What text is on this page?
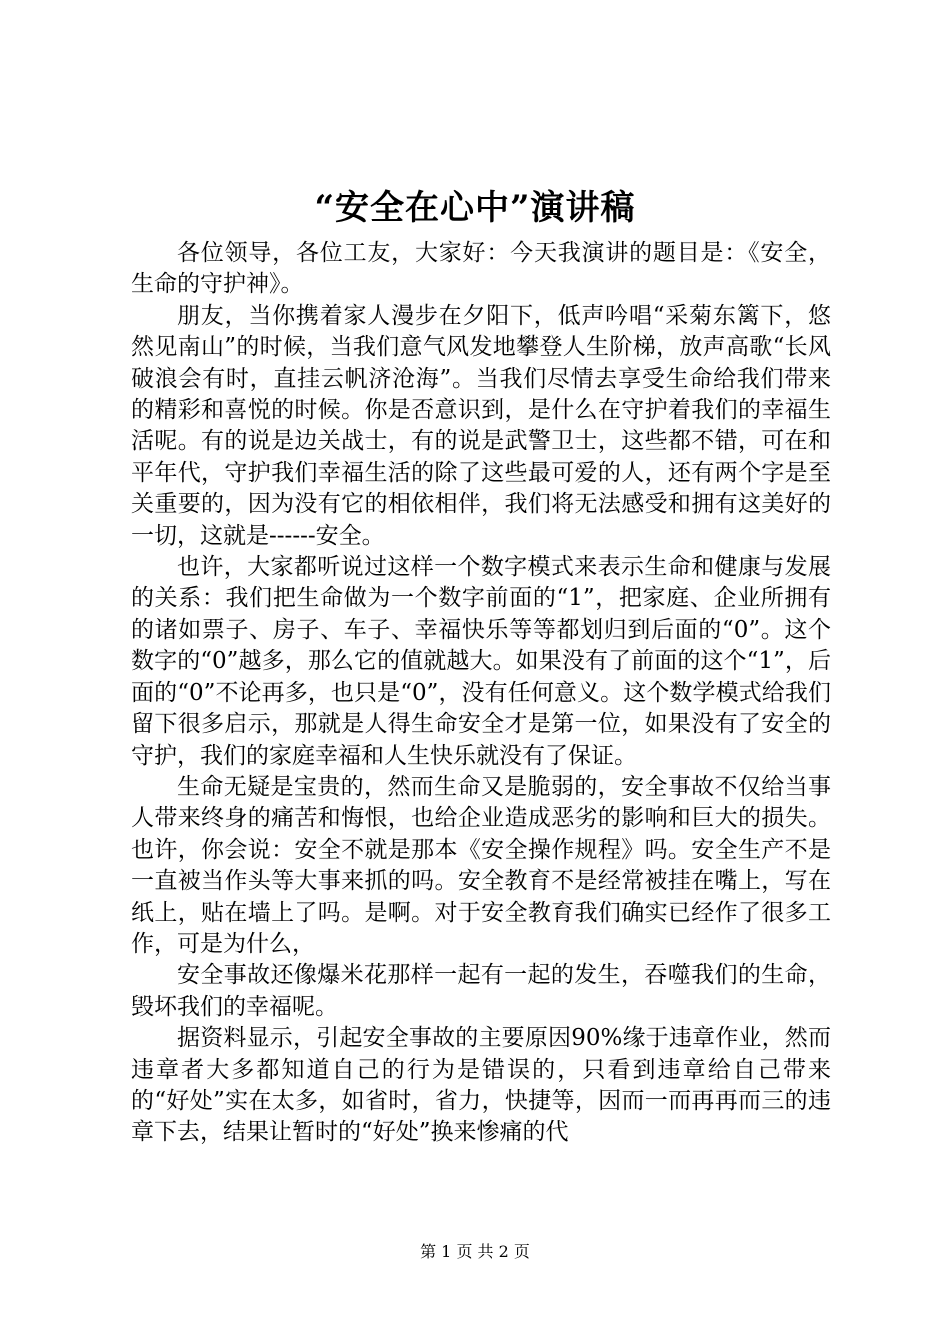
“安全在心中”演讲稿

各位领导，各位工友，大家好：今天我演讲的题目是：《安全，生命的守护神》。

朋友，当你携着家人漫步在夕阳下，低声吟唱“采菊东篱下，悠然见南山”的时候，当我们意气风发地攀登人生阶梯，放声高歌“长风破浪会有时，直挂云帆济沧海”。当我们尽情去享受生命给我们带来的精彩和喜悦的时候。你是否意识到，是什么在守护着我们的幸福生活呢。有的说是边关战士，有的说是武警卫士，这些都不错，可在和平年代，守护我们幸福生活的除了这些最可爱的人，还有两个字是至关重要的，因为没有它的相依相伴，我们将无法感受和拥有这美好的一切，这就是------安全。

也许，大家都听说过这样一个数字模式来表示生命和健康与发展的关系：我们把生命做为一个数字前面的“1”，把家庭、企业所拥有的诸如票子、房子、车子、幸福快乐等等都划归到后面的“0”。这个数字的“0”越多，那么它的值就越大。如果没有了前面的这个“1”，后面的“0”不论再多，也只是“0”，没有任何意义。这个数学模式给我们留下很多启示，那就是人得生命安全才是第一位，如果没有了安全的守护，我们的家庭幸福和人生快乐就没有了保证。

生命无疑是宝贵的，然而生命又是脆弱的，安全事故不仅给当事人带来终身的痛苦和悔恨，也给企业造成恶劣的影响和巨大的损失。也许，你会说：安全不就是那本《安全操作规程》吗。安全生产不是一直被当作头等大事来抓的吗。安全教育不是经常被挂在嘴上，写在纸上，贴在墙上了吗。是啊。对于安全教育我们确实已经作了很多工作，可是为什么，

安全事故还像爆米花那样一起有一起的发生，吞噬我们的生命，毁坏我们的幸福呢。

据资料显示，引起安全事故的主要原因90%缘于违章作业，然而违章者大多都知道自己的行为是错误的，只看到违章给自己带来的“好处”实在太多，如省时，省力，快捷等，因而一而再再而三的违章下去，结果让暂时的“好处”换来惨痛的代

第 1 页 共 2 页
